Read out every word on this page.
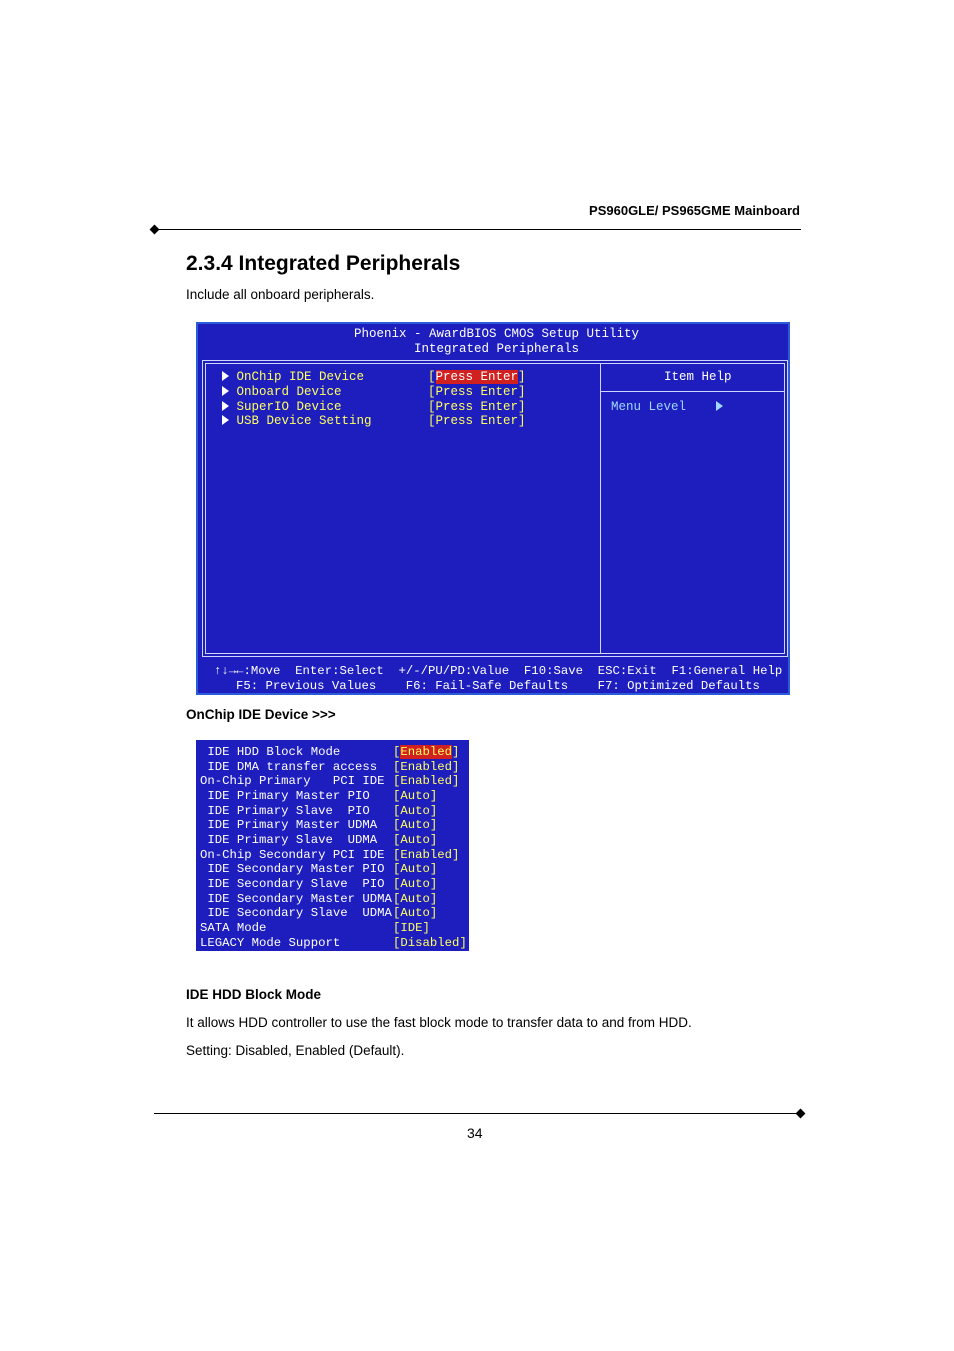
PS960GLE/ PS965GME Mainboard
2.3.4 Integrated Peripherals
Include all onboard peripherals.
Phoenix - AwardBIOS CMOS Setup Utility
Integrated Peripherals
OnChip IDE Device	[Press Enter]
Onboard Device	[Press Enter]
SuperIO Device	[Press Enter]
USB Device Setting	[Press Enter]
Item Help
Menu Level
↑↓→←:Move  Enter:Select  +/-/PU/PD:Value  F10:Save  ESC:Exit  F1:General Help
F5: Previous Values    F6: Fail-Safe Defaults    F7: Optimized Defaults
OnChip IDE Device >>>
IDE HDD Block Mode	[Enabled]
IDE DMA transfer access [Enabled]
On-Chip Primary   PCI IDE [Enabled]
IDE Primary Master PIO [Auto]
IDE Primary Slave  PIO [Auto]
IDE Primary Master UDMA [Auto]
IDE Primary Slave  UDMA [Auto]
On-Chip Secondary PCI IDE [Enabled]
IDE Secondary Master PIO [Auto]
IDE Secondary Slave  PIO [Auto]
IDE Secondary Master UDMA [Auto]
IDE Secondary Slave  UDMA [Auto]
SATA Mode	[IDE]
LEGACY Mode Support	[Disabled]
IDE HDD Block Mode
It allows HDD controller to use the fast block mode to transfer data to and from HDD.
Setting: Disabled, Enabled (Default).
34
